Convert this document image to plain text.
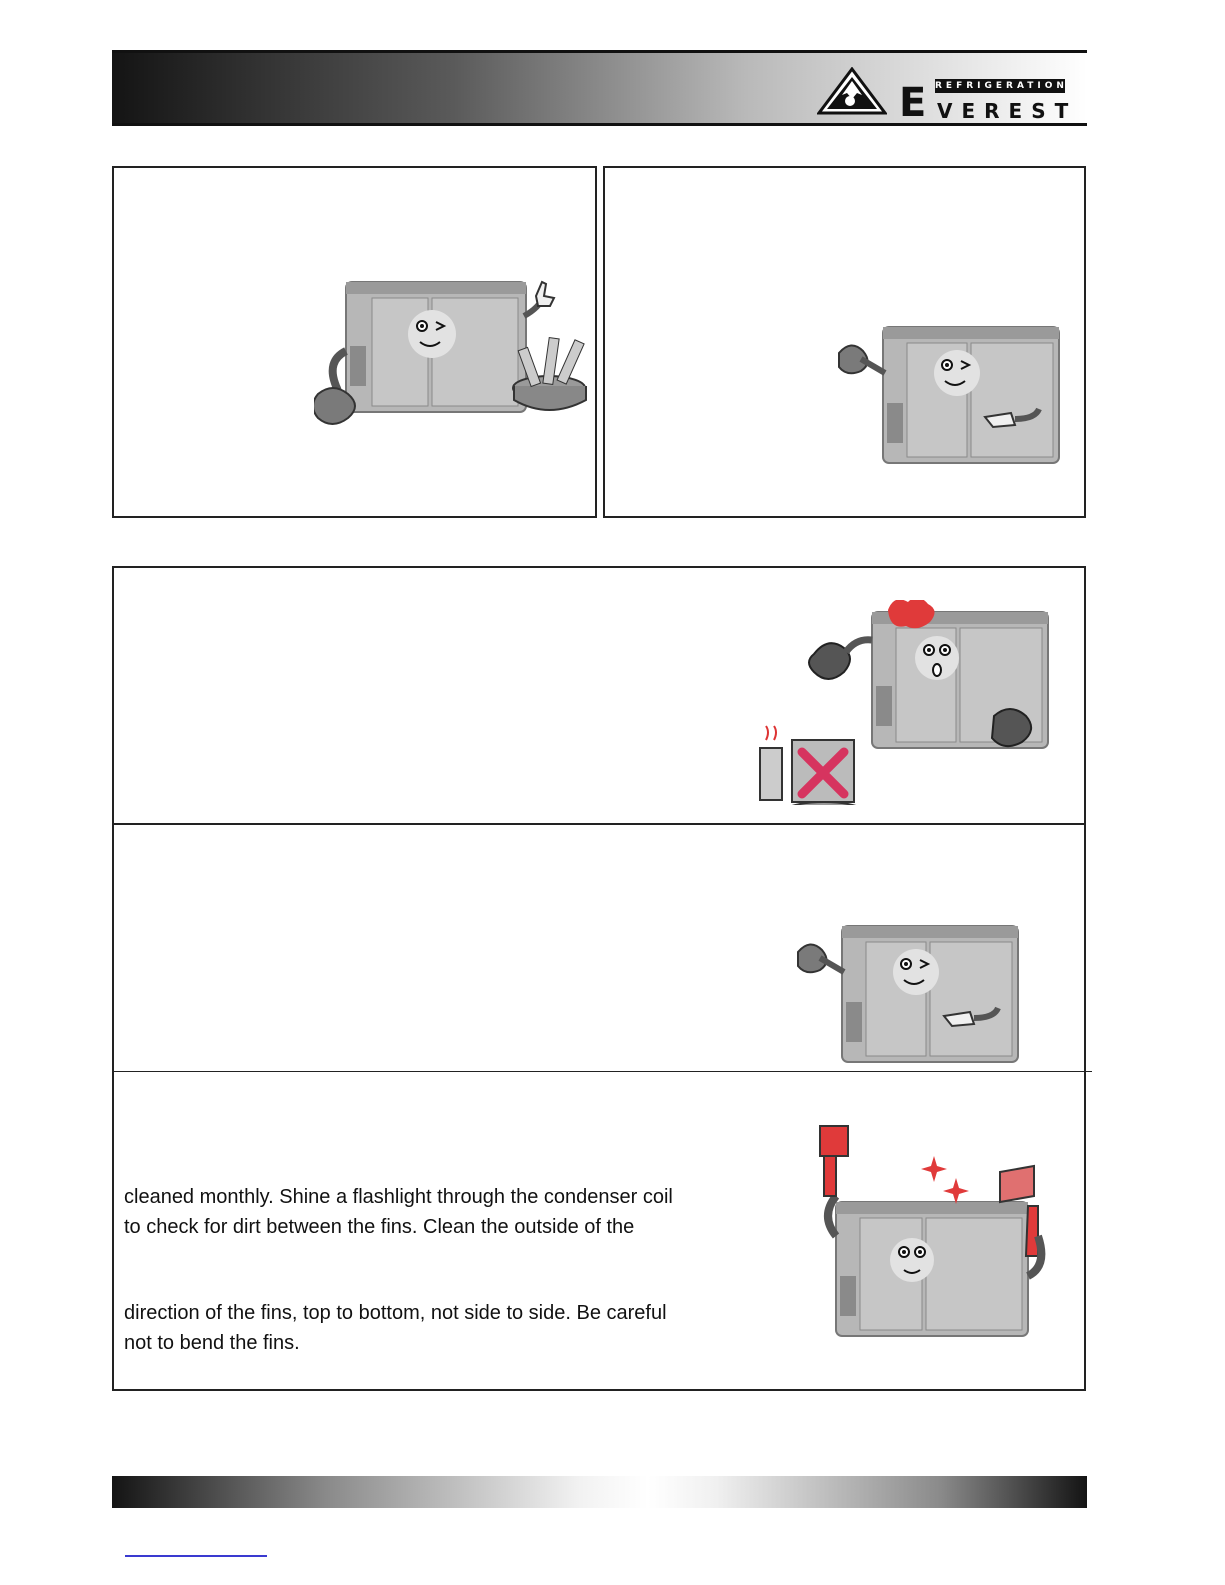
E REFRIGERATION
VEREST

cleaned monthly. Shine a flashlight through the condenser coil

to check for dirt between the fins. Clean the outside of the

direction of the fins, top to bottom, not side to side. Be careful

not to bend the fins.
